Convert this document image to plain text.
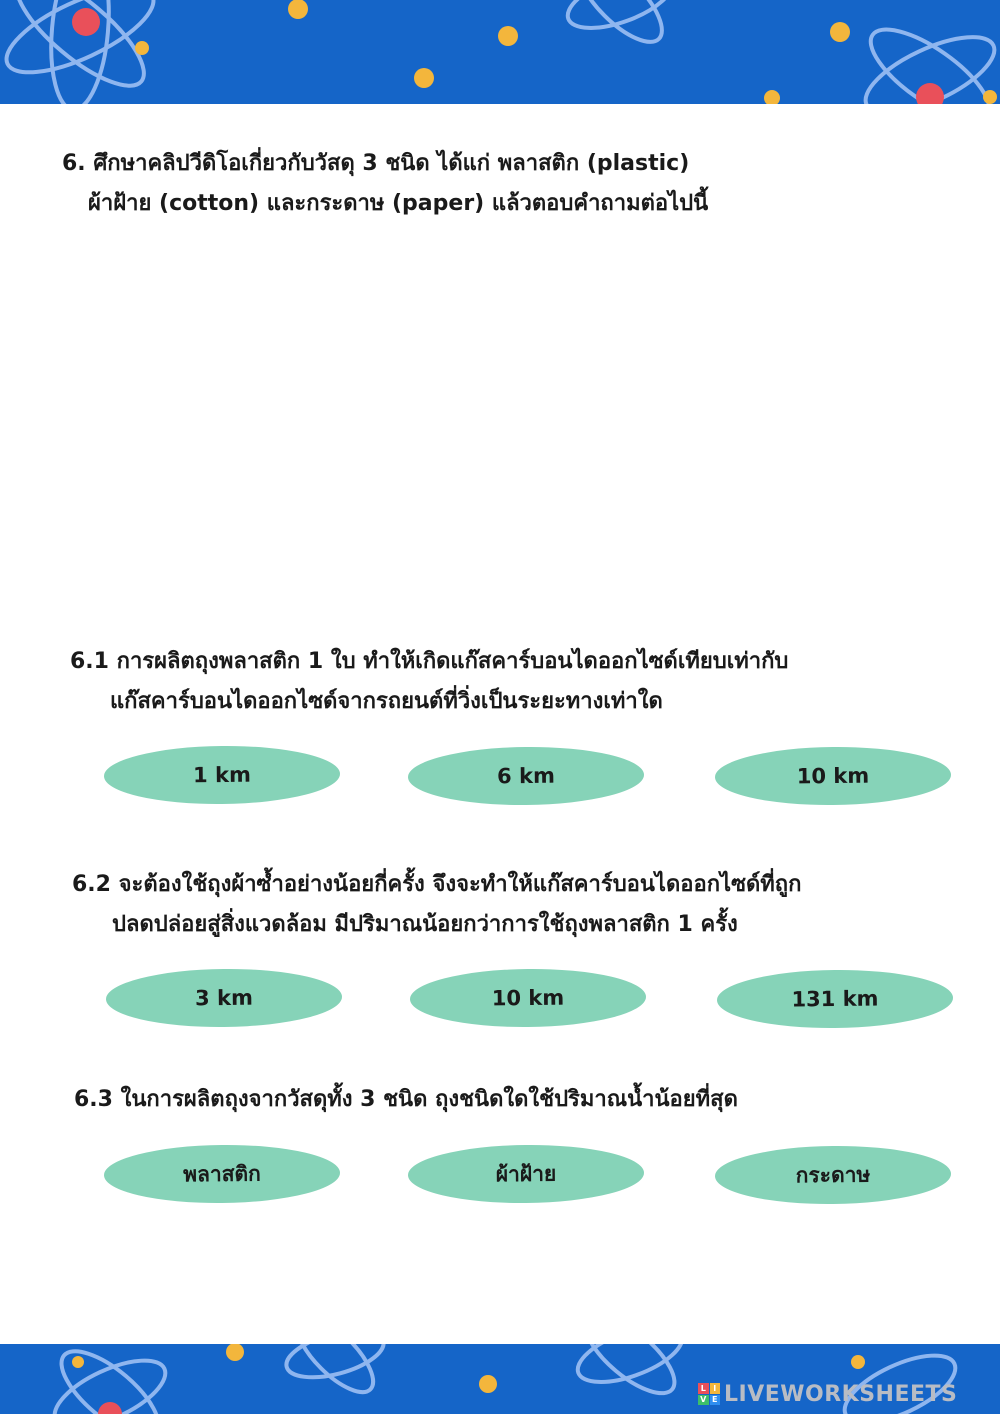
6. ศึกษาคลิปวีดิโอเกี่ยวกับวัสดุ 3 ชนิด ได้แก่ พลาสติก (plastic)
ผ้าฝ้าย (cotton) และกระดาษ (paper) แล้วตอบคำถามต่อไปนี้
6.1 การผลิตถุงพลาสติก 1 ใบ ทำให้เกิดแก๊สคาร์บอนไดออกไซด์เทียบเท่ากับ
แก๊สคาร์บอนไดออกไซด์จากรถยนต์ที่วิ่งเป็นระยะทางเท่าใด
1 km	6 km	10 km
6.2 จะต้องใช้ถุงผ้าซ้ำอย่างน้อยกี่ครั้ง จึงจะทำให้แก๊สคาร์บอนไดออกไซด์ที่ถูก
ปลดปล่อยสู่สิ่งแวดล้อม มีปริมาณน้อยกว่าการใช้ถุงพลาสติก 1 ครั้ง
3 km	10 km	131 km
6.3 ในการผลิตถุงจากวัสดุทั้ง 3 ชนิด ถุงชนิดใดใช้ปริมาณน้ำน้อยที่สุด
พลาสติก	ผ้าฝ้าย	กระดาษ
L I
V E LIVEWORKSHEETS
